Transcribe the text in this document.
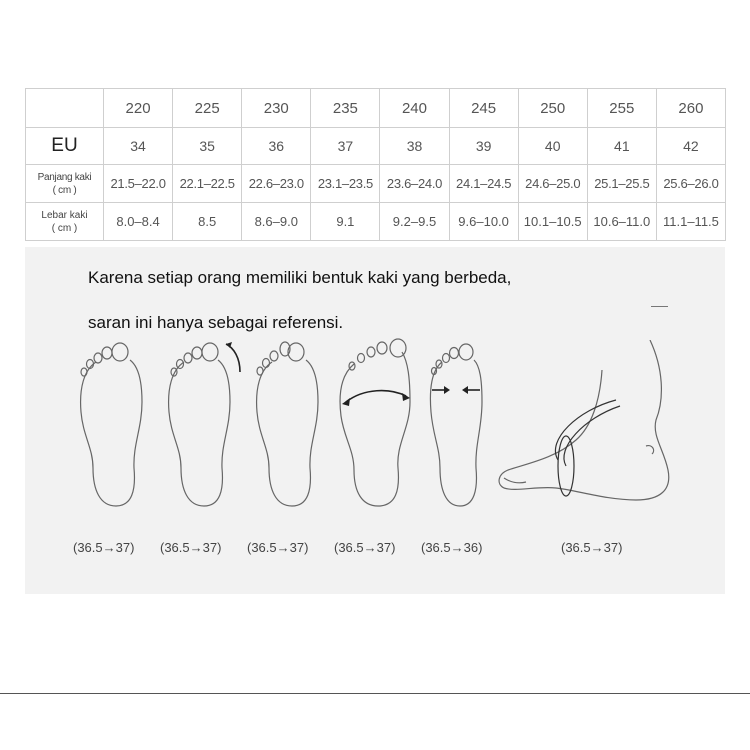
	220	225	230	235	240	245	250	255	260
EU	34	35	36	37	38	39	40	41	42

Panjang kaki
( cm )	21.5–22.0	22.1–22.5	22.6–23.0	23.1–23.5	23.6–24.0	24.1–24.5	24.6–25.0	25.1–25.5	25.6–26.0

Lebar kaki
( cm )	8.0–8.4	8.5	8.6–9.0	9.1	9.2–9.5	9.6–10.0	10.1–10.5	10.6–11.0	11.1–11.5
Karena setiap orang memiliki bentuk kaki yang berbeda,
saran ini hanya sebagai referensi.
(36.5→37) (36.5→37) (36.5→37) (36.5→37) (36.5→36)	(36.5→37)
